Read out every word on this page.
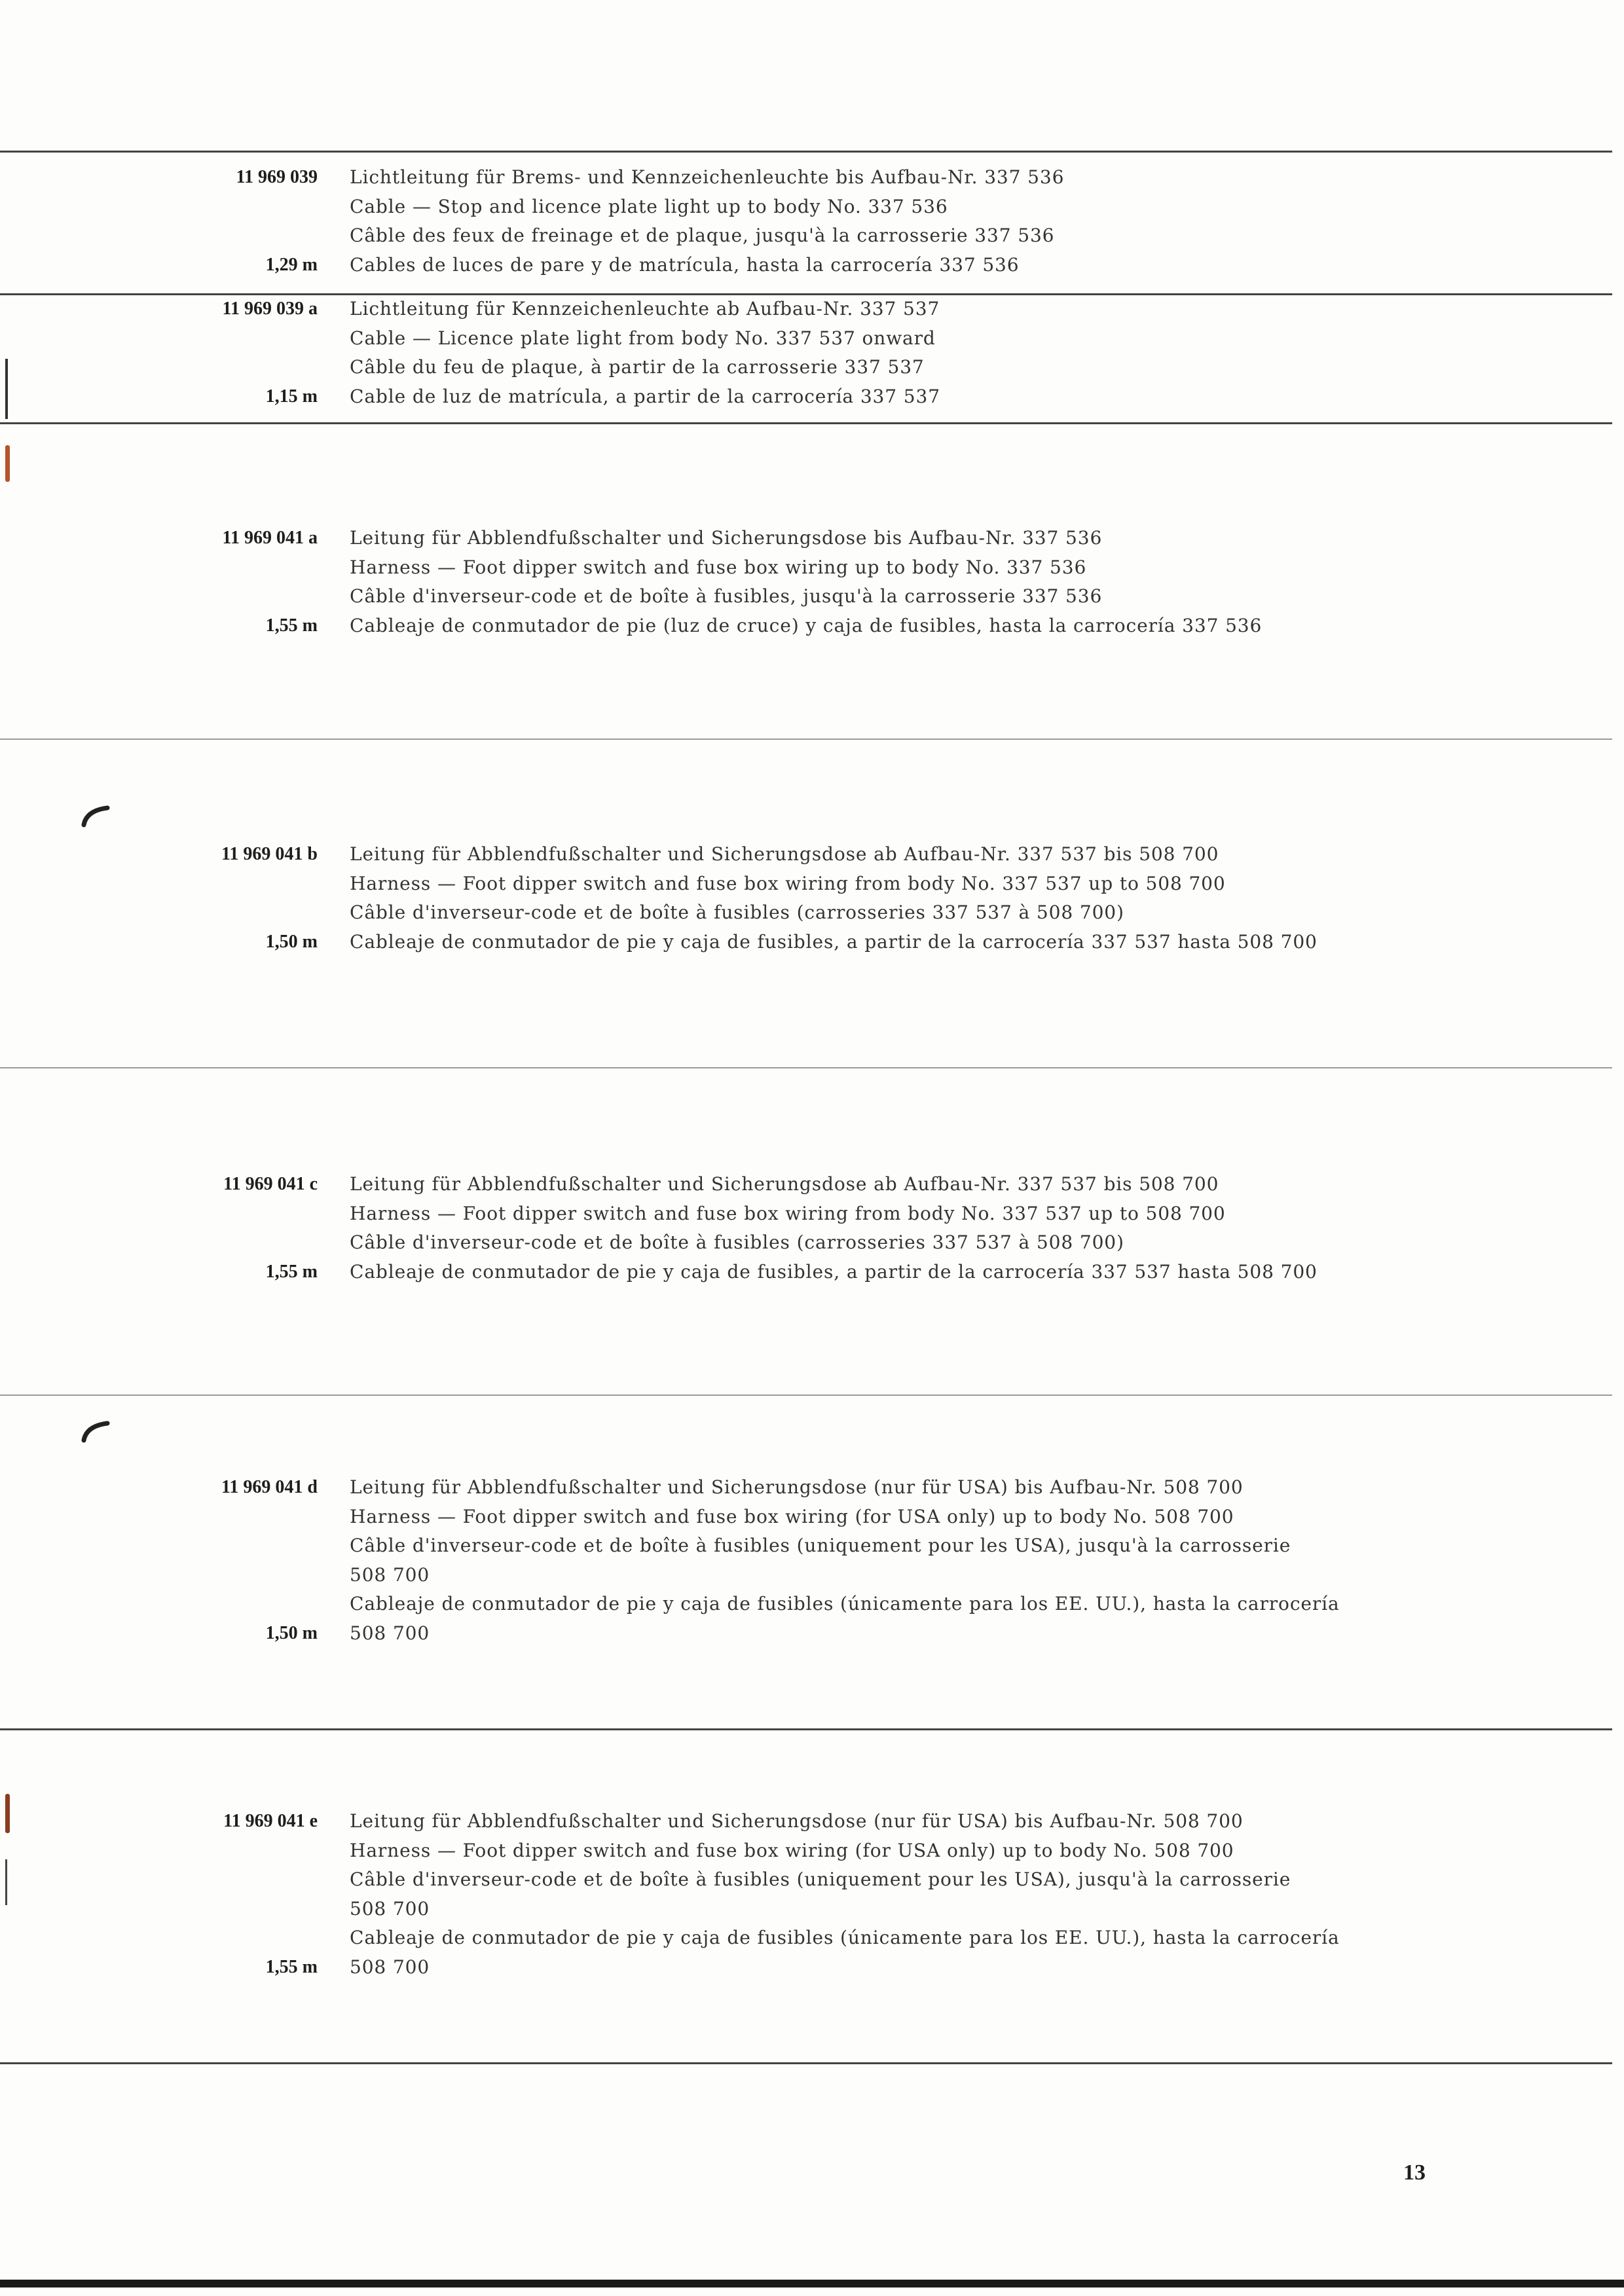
11 969 039 Lichtleitung für Brems- und Kennzeichenleuchte bis Aufbau-Nr. 337 536
Cable — Stop and licence plate light up to body No. 337 536
Câble des feux de freinage et de plaque, jusqu'à la carrosserie 337 536
1,29 m Cables de luces de pare y de matrícula, hasta la carrocería 337 536
11 969 039 a Lichtleitung für Kennzeichenleuchte ab Aufbau-Nr. 337 537
Cable — Licence plate light from body No. 337 537 onward
Câble du feu de plaque, à partir de la carrosserie 337 537
1,15 m Cable de luz de matrícula, a partir de la carrocería 337 537
11 969 041 a Leitung für Abblendfußschalter und Sicherungsdose bis Aufbau-Nr. 337 536
Harness — Foot dipper switch and fuse box wiring up to body No. 337 536
Câble d'inverseur-code et de boîte à fusibles, jusqu'à la carrosserie 337 536
1,55 m Cableaje de conmutador de pie (luz de cruce) y caja de fusibles, hasta la carrocería 337 536
11 969 041 b Leitung für Abblendfußschalter und Sicherungsdose ab Aufbau-Nr. 337 537 bis 508 700
Harness — Foot dipper switch and fuse box wiring from body No. 337 537 up to 508 700
Câble d'inverseur-code et de boîte à fusibles (carrosseries 337 537 à 508 700)
1,50 m Cableaje de conmutador de pie y caja de fusibles, a partir de la carrocería 337 537 hasta 508 700
11 969 041 c Leitung für Abblendfußschalter und Sicherungsdose ab Aufbau-Nr. 337 537 bis 508 700
Harness — Foot dipper switch and fuse box wiring from body No. 337 537 up to 508 700
Câble d'inverseur-code et de boîte à fusibles (carrosseries 337 537 à 508 700)
1,55 m Cableaje de conmutador de pie y caja de fusibles, a partir de la carrocería 337 537 hasta 508 700
11 969 041 d Leitung für Abblendfußschalter und Sicherungsdose (nur für USA) bis Aufbau-Nr. 508 700
Harness — Foot dipper switch and fuse box wiring (for USA only) up to body No. 508 700
Câble d'inverseur-code et de boîte à fusibles (uniquement pour les USA), jusqu'à la carrosserie
508 700
Cableaje de conmutador de pie y caja de fusibles (únicamente para los EE. UU.), hasta la carrocería
1,50 m 508 700
11 969 041 e Leitung für Abblendfußschalter und Sicherungsdose (nur für USA) bis Aufbau-Nr. 508 700
Harness — Foot dipper switch and fuse box wiring (for USA only) up to body No. 508 700
Câble d'inverseur-code et de boîte à fusibles (uniquement pour les USA), jusqu'à la carrosserie
508 700
Cableaje de conmutador de pie y caja de fusibles (únicamente para los EE. UU.), hasta la carrocería
1,55 m 508 700
13
